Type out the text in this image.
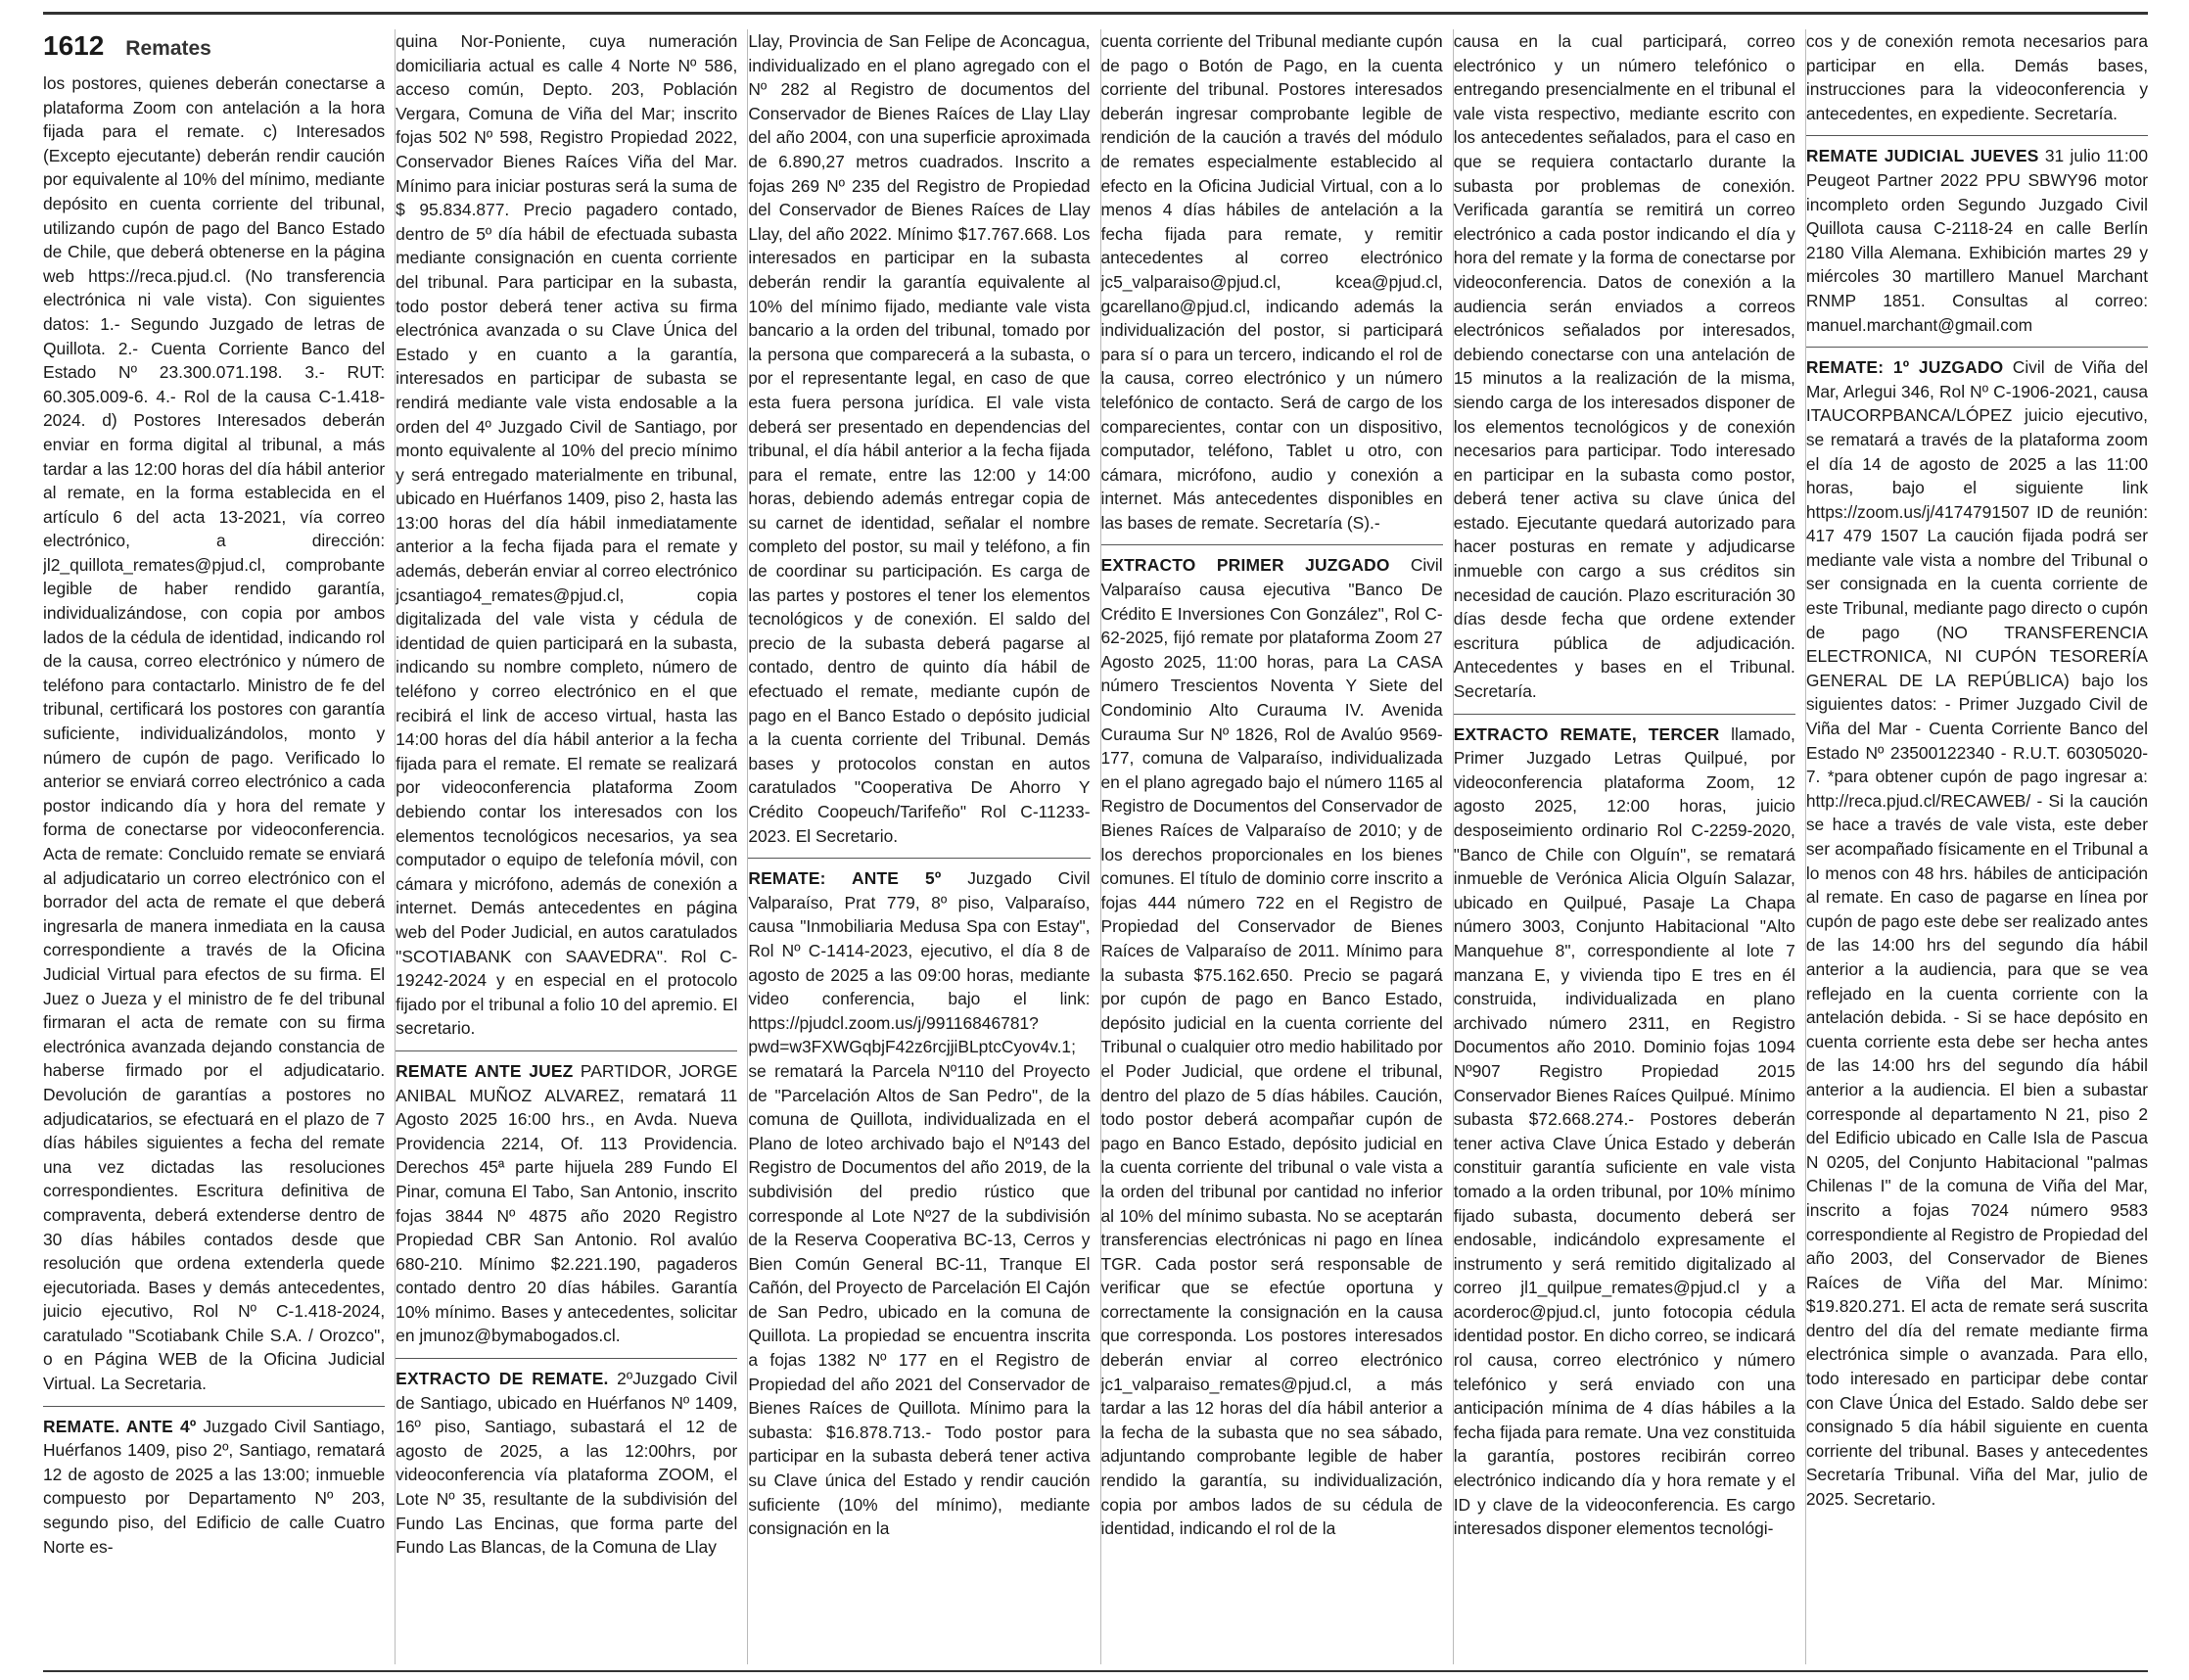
1612 Remates

los postores, quienes deberán conectarse a plataforma Zoom con antelación a la hora fijada para el remate. c) Interesados (Excepto ejecutante) deberán rendir caución por equivalente al 10% del mínimo, mediante depósito en cuenta corriente del tribunal, utilizando cupón de pago del Banco Estado de Chile, que deberá obtenerse en la página web https://reca.pjud.cl. (No transferencia electrónica ni vale vista). Con siguientes datos: 1.- Segundo Juzgado de letras de Quillota. 2.- Cuenta Corriente Banco del Estado Nº 23.300.071.198. 3.- RUT: 60.305.009-6. 4.- Rol de la causa C-1.418-2024. d) Postores Interesados deberán enviar en forma digital al tribunal, a más tardar a las 12:00 horas del día hábil anterior al remate, en la forma establecida en el artículo 6 del acta 13-2021, vía correo electrónico, a dirección: jl2_quillota_remates@pjud.cl, comprobante legible de haber rendido garantía, individualizándose, con copia por ambos lados de la cédula de identidad, indicando rol de la causa, correo electrónico y número de teléfono para contactarlo. Ministro de fe del tribunal, certificará los postores con garantía suficiente, individualizándolos, monto y número de cupón de pago. Verificado lo anterior se enviará correo electrónico a cada postor indicando día y hora del remate y forma de conectarse por videoconferencia. Acta de remate: Concluido remate se enviará al adjudicatario un correo electrónico con el borrador del acta de remate el que deberá ingresarla de manera inmediata en la causa correspondiente a través de la Oficina Judicial Virtual para efectos de su firma. El Juez o Jueza y el ministro de fe del tribunal firmaran el acta de remate con su firma electrónica avanzada dejando constancia de haberse firmado por el adjudicatario. Devolución de garantías a postores no adjudicatarios, se efectuará en el plazo de 7 días hábiles siguientes a fecha del remate una vez dictadas las resoluciones correspondientes. Escritura definitiva de compraventa, deberá extenderse dentro de 30 días hábiles contados desde que resolución que ordena extenderla quede ejecutoriada. Bases y demás antecedentes, juicio ejecutivo, Rol Nº C-1.418-2024, caratulado "Scotiabank Chile S.A. / Orozco", o en Página WEB de la Oficina Judicial Virtual. La Secretaria.

REMATE. ANTE 4º Juzgado Civil Santiago, Huérfanos 1409, piso 2º, Santiago, rematará 12 de agosto de 2025 a las 13:00; inmueble compuesto por Departamento Nº 203, segundo piso, del Edificio de calle Cuatro Norte es-

quina Nor-Poniente, cuya numeración domiciliaria actual es calle 4 Norte Nº 586, acceso común, Depto. 203, Población Vergara, Comuna de Viña del Mar; inscrito fojas 502 Nº 598, Registro Propiedad 2022, Conservador Bienes Raíces Viña del Mar. Mínimo para iniciar posturas será la suma de $ 95.834.877. Precio pagadero contado, dentro de 5º día hábil de efectuada subasta mediante consignación en cuenta corriente del tribunal. Para participar en la subasta, todo postor deberá tener activa su firma electrónica avanzada o su Clave Única del Estado y en cuanto a la garantía, interesados en participar de subasta se rendirá mediante vale vista endosable a la orden del 4º Juzgado Civil de Santiago, por monto equivalente al 10% del precio mínimo y será entregado materialmente en tribunal, ubicado en Huérfanos 1409, piso 2, hasta las 13:00 horas del día hábil inmediatamente anterior a la fecha fijada para el remate y además, deberán enviar al correo electrónico jcsantiago4_remates@pjud.cl, copia digitalizada del vale vista y cédula de identidad de quien participará en la subasta, indicando su nombre completo, número de teléfono y correo electrónico en el que recibirá el link de acceso virtual, hasta las 14:00 horas del día hábil anterior a la fecha fijada para el remate. El remate se realizará por videoconferencia plataforma Zoom debiendo contar los interesados con los elementos tecnológicos necesarios, ya sea computador o equipo de telefonía móvil, con cámara y micrófono, además de conexión a internet. Demás antecedentes en página web del Poder Judicial, en autos caratulados "SCOTIABANK con SAAVEDRA". Rol C-19242-2024 y en especial en el protocolo fijado por el tribunal a folio 10 del apremio. El secretario.

REMATE ANTE JUEZ PARTIDOR, JORGE ANIBAL MUÑOZ ALVAREZ, rematará 11 Agosto 2025 16:00 hrs., en Avda. Nueva Providencia 2214, Of. 113 Providencia. Derechos 45ª parte hijuela 289 Fundo El Pinar, comuna El Tabo, San Antonio, inscrito fojas 3844 Nº 4875 año 2020 Registro Propiedad CBR San Antonio. Rol avalúo 680-210. Mínimo $2.221.190, pagaderos contado dentro 20 días hábiles. Garantía 10% mínimo. Bases y antecedentes, solicitar en jmunoz@bymabogados.cl.

EXTRACTO DE REMATE. 2ºJuzgado Civil de Santiago, ubicado en Huérfanos Nº 1409, 16º piso, Santiago, subastará el 12 de agosto de 2025, a las 12:00hrs, por videoconferencia vía plataforma ZOOM, el Lote Nº 35, resultante de la subdivisión del Fundo Las Encinas, que forma parte del Fundo Las Blancas, de la Comuna de Llay

Llay, Provincia de San Felipe de Aconcagua, individualizado en el plano agregado con el Nº 282 al Registro de documentos del Conservador de Bienes Raíces de Llay Llay del año 2004, con una superficie aproximada de 6.890,27 metros cuadrados. Inscrito a fojas 269 Nº 235 del Registro de Propiedad del Conservador de Bienes Raíces de Llay Llay, del año 2022. Mínimo $17.767.668. Los interesados en participar en la subasta deberán rendir la garantía equivalente al 10% del mínimo fijado, mediante vale vista bancario a la orden del tribunal, tomado por la persona que comparecerá a la subasta, o por el representante legal, en caso de que esta fuera persona jurídica. El vale vista deberá ser presentado en dependencias del tribunal, el día hábil anterior a la fecha fijada para el remate, entre las 12:00 y 14:00 horas, debiendo además entregar copia de su carnet de identidad, señalar el nombre completo del postor, su mail y teléfono, a fin de coordinar su participación. Es carga de las partes y postores el tener los elementos tecnológicos y de conexión. El saldo del precio de la subasta deberá pagarse al contado, dentro de quinto día hábil de efectuado el remate, mediante cupón de pago en el Banco Estado o depósito judicial a la cuenta corriente del Tribunal. Demás bases y protocolos constan en autos caratulados "Cooperativa De Ahorro Y Crédito Coopeuch/Tarifeño" Rol C-11233-2023. El Secretario.

REMATE: ANTE 5º Juzgado Civil Valparaíso, Prat 779, 8º piso, Valparaíso, causa "Inmobiliaria Medusa Spa con Estay", Rol Nº C-1414-2023, ejecutivo, el día 8 de agosto de 2025 a las 09:00 horas, mediante video conferencia, bajo el link: https://pjudcl.zoom.us/j/99116846781?pwd=w3FXWGqbjF42z6rcjjiBLptcCyov4v.1; se rematará la Parcela Nº110 del Proyecto de "Parcelación Altos de San Pedro", de la comuna de Quillota, individualizada en el Plano de loteo archivado bajo el Nº143 del Registro de Documentos del año 2019, de la subdivisión del predio rústico que corresponde al Lote Nº27 de la subdivisión de la Reserva Cooperativa BC-13, Cerros y Bien Común General BC-11, Tranque El Cañón, del Proyecto de Parcelación El Cajón de San Pedro, ubicado en la comuna de Quillota. La propiedad se encuentra inscrita a fojas 1382 Nº 177 en el Registro de Propiedad del año 2021 del Conservador de Bienes Raíces de Quillota. Mínimo para la subasta: $16.878.713.- Todo postor para participar en la subasta deberá tener activa su Clave única del Estado y rendir caución suficiente (10% del mínimo), mediante consignación en la

cuenta corriente del Tribunal mediante cupón de pago o Botón de Pago, en la cuenta corriente del tribunal. Postores interesados deberán ingresar comprobante legible de rendición de la caución a través del módulo de remates especialmente establecido al efecto en la Oficina Judicial Virtual, con a lo menos 4 días hábiles de antelación a la fecha fijada para remate, y remitir antecedentes al correo electrónico jc5_valparaiso@pjud.cl, kcea@pjud.cl, gcarellano@pjud.cl, indicando además la individualización del postor, si participará para sí o para un tercero, indicando el rol de la causa, correo electrónico y un número telefónico de contacto. Será de cargo de los comparecientes, contar con un dispositivo, computador, teléfono, Tablet u otro, con cámara, micrófono, audio y conexión a internet. Más antecedentes disponibles en las bases de remate. Secretaría (S).-

EXTRACTO PRIMER JUZGADO Civil Valparaíso causa ejecutiva "Banco De Crédito E Inversiones Con González", Rol C-62-2025, fijó remate por plataforma Zoom 27 Agosto 2025, 11:00 horas, para La CASA número Trescientos Noventa Y Siete del Condominio Alto Curauma IV. Avenida Curauma Sur Nº 1826, Rol de Avalúo 9569-177, comuna de Valparaíso, individualizada en el plano agregado bajo el número 1165 al Registro de Documentos del Conservador de Bienes Raíces de Valparaíso de 2010; y de los derechos proporcionales en los bienes comunes. El título de dominio corre inscrito a fojas 444 número 722 en el Registro de Propiedad del Conservador de Bienes Raíces de Valparaíso de 2011. Mínimo para la subasta $75.162.650. Precio se pagará por cupón de pago en Banco Estado, depósito judicial en la cuenta corriente del Tribunal o cualquier otro medio habilitado por el Poder Judicial, que ordene el tribunal, dentro del plazo de 5 días hábiles. Caución, todo postor deberá acompañar cupón de pago en Banco Estado, depósito judicial en la cuenta corriente del tribunal o vale vista a la orden del tribunal por cantidad no inferior al 10% del mínimo subasta. No se aceptarán transferencias electrónicas ni pago en línea TGR. Cada postor será responsable de verificar que se efectúe oportuna y correctamente la consignación en la causa que corresponda. Los postores interesados deberán enviar al correo electrónico jc1_valparaiso_remates@pjud.cl, a más tardar a las 12 horas del día hábil anterior a la fecha de la subasta que no sea sábado, adjuntando comprobante legible de haber rendido la garantía, su individualización, copia por ambos lados de su cédula de identidad, indicando el rol de la

causa en la cual participará, correo electrónico y un número telefónico o entregando presencialmente en el tribunal el vale vista respectivo, mediante escrito con los antecedentes señalados, para el caso en que se requiera contactarlo durante la subasta por problemas de conexión. Verificada garantía se remitirá un correo electrónico a cada postor indicando el día y hora del remate y la forma de conectarse por videoconferencia. Datos de conexión a la audiencia serán enviados a correos electrónicos señalados por interesados, debiendo conectarse con una antelación de 15 minutos a la realización de la misma, siendo carga de los interesados disponer de los elementos tecnológicos y de conexión necesarios para participar. Todo interesado en participar en la subasta como postor, deberá tener activa su clave única del estado. Ejecutante quedará autorizado para hacer posturas en remate y adjudicarse inmueble con cargo a sus créditos sin necesidad de caución. Plazo escrituración 30 días desde fecha que ordene extender escritura pública de adjudicación. Antecedentes y bases en el Tribunal. Secretaría.

EXTRACTO REMATE, TERCER llamado, Primer Juzgado Letras Quilpué, por videoconferencia plataforma Zoom, 12 agosto 2025, 12:00 horas, juicio desposeimiento ordinario Rol C-2259-2020, "Banco de Chile con Olguín", se rematará inmueble de Verónica Alicia Olguín Salazar, ubicado en Quilpué, Pasaje La Chapa número 3003, Conjunto Habitacional "Alto Manquehue 8", correspondiente al lote 7 manzana E, y vivienda tipo E tres en él construida, individualizada en plano archivado número 2311, en Registro Documentos año 2010. Dominio fojas 1094 Nº907 Registro Propiedad 2015 Conservador Bienes Raíces Quilpué. Mínimo subasta $72.668.274.- Postores deberán tener activa Clave Única Estado y deberán constituir garantía suficiente en vale vista tomado a la orden tribunal, por 10% mínimo fijado subasta, documento deberá ser endosable, indicándolo expresamente el instrumento y será remitido digitalizado al correo jl1_quilpue_remates@pjud.cl y a acorderoc@pjud.cl, junto fotocopia cédula identidad postor. En dicho correo, se indicará rol causa, correo electrónico y número telefónico y será enviado con una anticipación mínima de 4 días hábiles a la fecha fijada para remate. Una vez constituida la garantía, postores recibirán correo electrónico indicando día y hora remate y el ID y clave de la videoconferencia. Es cargo interesados disponer elementos tecnológi-

cos y de conexión remota necesarios para participar en ella. Demás bases, instrucciones para la videoconferencia y antecedentes, en expediente. Secretaría.

REMATE JUDICIAL JUEVES 31 julio 11:00 Peugeot Partner 2022 PPU SBWY96 motor incompleto orden Segundo Juzgado Civil Quillota causa C-2118-24 en calle Berlín 2180 Villa Alemana. Exhibición martes 29 y miércoles 30 martillero Manuel Marchant RNMP 1851. Consultas al correo: manuel.marchant@gmail.com

REMATE: 1º JUZGADO Civil de Viña del Mar, Arlegui 346, Rol Nº C-1906-2021, causa ITAUCORPBANCA/LÓPEZ juicio ejecutivo, se rematará a través de la plataforma zoom el día 14 de agosto de 2025 a las 11:00 horas, bajo el siguiente link https://zoom.us/j/4174791507 ID de reunión: 417 479 1507 La caución fijada podrá ser mediante vale vista a nombre del Tribunal o ser consignada en la cuenta corriente de este Tribunal, mediante pago directo o cupón de pago (NO TRANSFERENCIA ELECTRONICA, NI CUPÓN TESORERÍA GENERAL DE LA REPÚBLICA) bajo los siguientes datos: - Primer Juzgado Civil de Viña del Mar - Cuenta Corriente Banco del Estado Nº 23500122340 - R.U.T. 60305020-7. *para obtener cupón de pago ingresar a: http://reca.pjud.cl/RECAWEB/ - Si la caución se hace a través de vale vista, este deber ser acompañado físicamente en el Tribunal a lo menos con 48 hrs. hábiles de anticipación al remate. En caso de pagarse en línea por cupón de pago este debe ser realizado antes de las 14:00 hrs del segundo día hábil anterior a la audiencia, para que se vea reflejado en la cuenta corriente con la antelación debida. - Si se hace depósito en cuenta corriente esta debe ser hecha antes de las 14:00 hrs del segundo día hábil anterior a la audiencia. El bien a subastar corresponde al departamento N 21, piso 2 del Edificio ubicado en Calle Isla de Pascua N 0205, del Conjunto Habitacional "palmas Chilenas I" de la comuna de Viña del Mar, inscrito a fojas 7024 número 9583 correspondiente al Registro de Propiedad del año 2003, del Conservador de Bienes Raíces de Viña del Mar. Mínimo: $19.820.271. El acta de remate será suscrita dentro del día del remate mediante firma electrónica simple o avanzada. Para ello, todo interesado en participar debe contar con Clave Única del Estado. Saldo debe ser consignado 5 día hábil siguiente en cuenta corriente del tribunal. Bases y antecedentes Secretaría Tribunal. Viña del Mar, julio de 2025. Secretario.
